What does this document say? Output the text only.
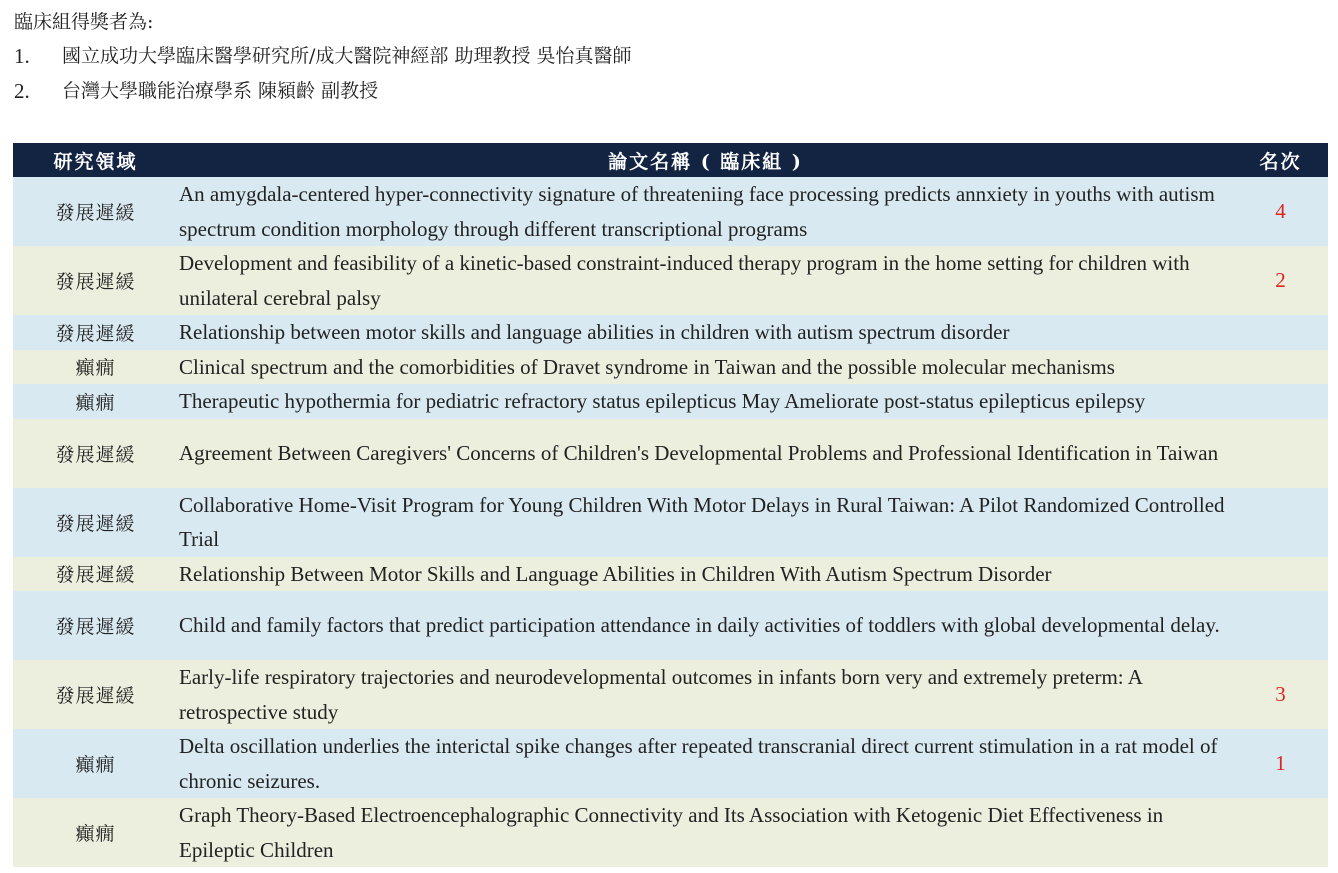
臨床組得獎者為:
1.	國立成功大學臨床醫學研究所/成大醫院神經部 助理教授 吳怡真醫師
2.	台灣大學職能治療學系 陳潁齡 副教授
研究領域	論文名稱 ( 臨床組 )	名次
發展遲緩	An amygdala-centered hyper-connectivity signature of threateniing face processing predicts annxiety in youths with autism spectrum condition morphology through different transcriptional programs	4
發展遲緩	Development and feasibility of a kinetic-based constraint-induced therapy program in the home setting for children with unilateral cerebral palsy	2
發展遲緩	Relationship between motor skills and language abilities in children with autism spectrum disorder	
癲癇	Clinical spectrum and the comorbidities of Dravet syndrome in Taiwan and the possible molecular mechanisms	
癲癇	Therapeutic hypothermia for pediatric refractory status epilepticus May Ameliorate post-status epilepticus epilepsy	
發展遲緩	Agreement Between Caregivers' Concerns of Children's Developmental Problems and Professional Identification in Taiwan	
發展遲緩	Collaborative Home-Visit Program for Young Children With Motor Delays in Rural Taiwan: A Pilot Randomized Controlled Trial	
發展遲緩	Relationship Between Motor Skills and Language Abilities in Children With Autism Spectrum Disorder	
發展遲緩	Child and family factors that predict participation attendance in daily activities of toddlers with global developmental delay.	
發展遲緩	Early-life respiratory trajectories and neurodevelopmental outcomes in infants born very and extremely preterm: A retrospective study	3
癲癇	Delta oscillation underlies the interictal spike changes after repeated transcranial direct current stimulation in a rat model of chronic seizures.	1
癲癇	Graph Theory-Based Electroencephalographic Connectivity and Its Association with Ketogenic Diet Effectiveness in Epileptic Children	
